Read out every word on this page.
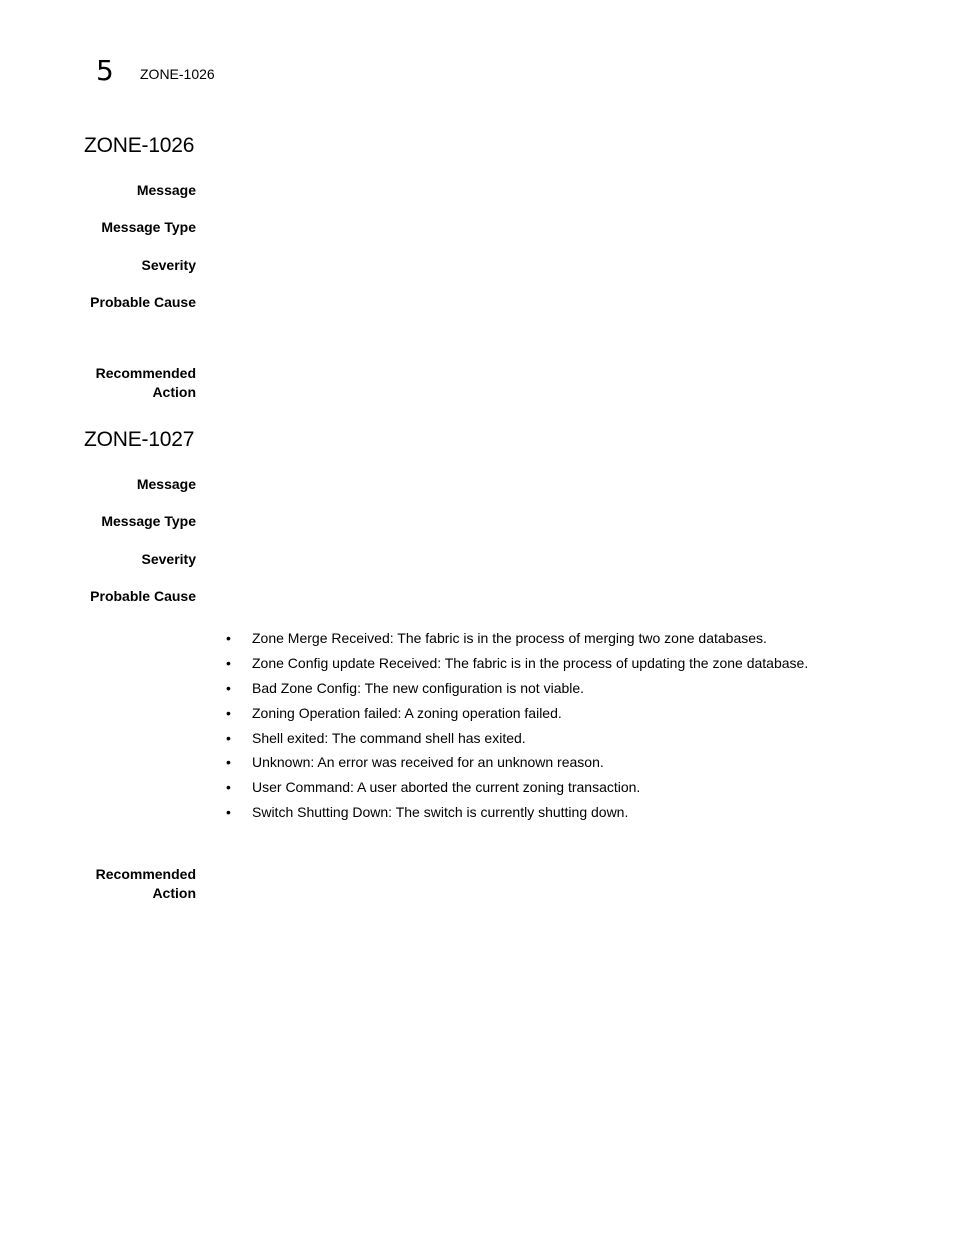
5 ZONE-1026
ZONE-1026
Message
Message Type
Severity
Probable Cause
Recommended
Action
ZONE-1027
Message
Message Type
Severity
Probable Cause
• Zone Merge Received: The fabric is in the process of merging two zone databases.
• Zone Config update Received: The fabric is in the process of updating the zone database.
• Bad Zone Config: The new configuration is not viable.
• Zoning Operation failed: A zoning operation failed.
• Shell exited: The command shell has exited.
• Unknown: An error was received for an unknown reason.
• User Command: A user aborted the current zoning transaction.
• Switch Shutting Down: The switch is currently shutting down.
Recommended
Action
